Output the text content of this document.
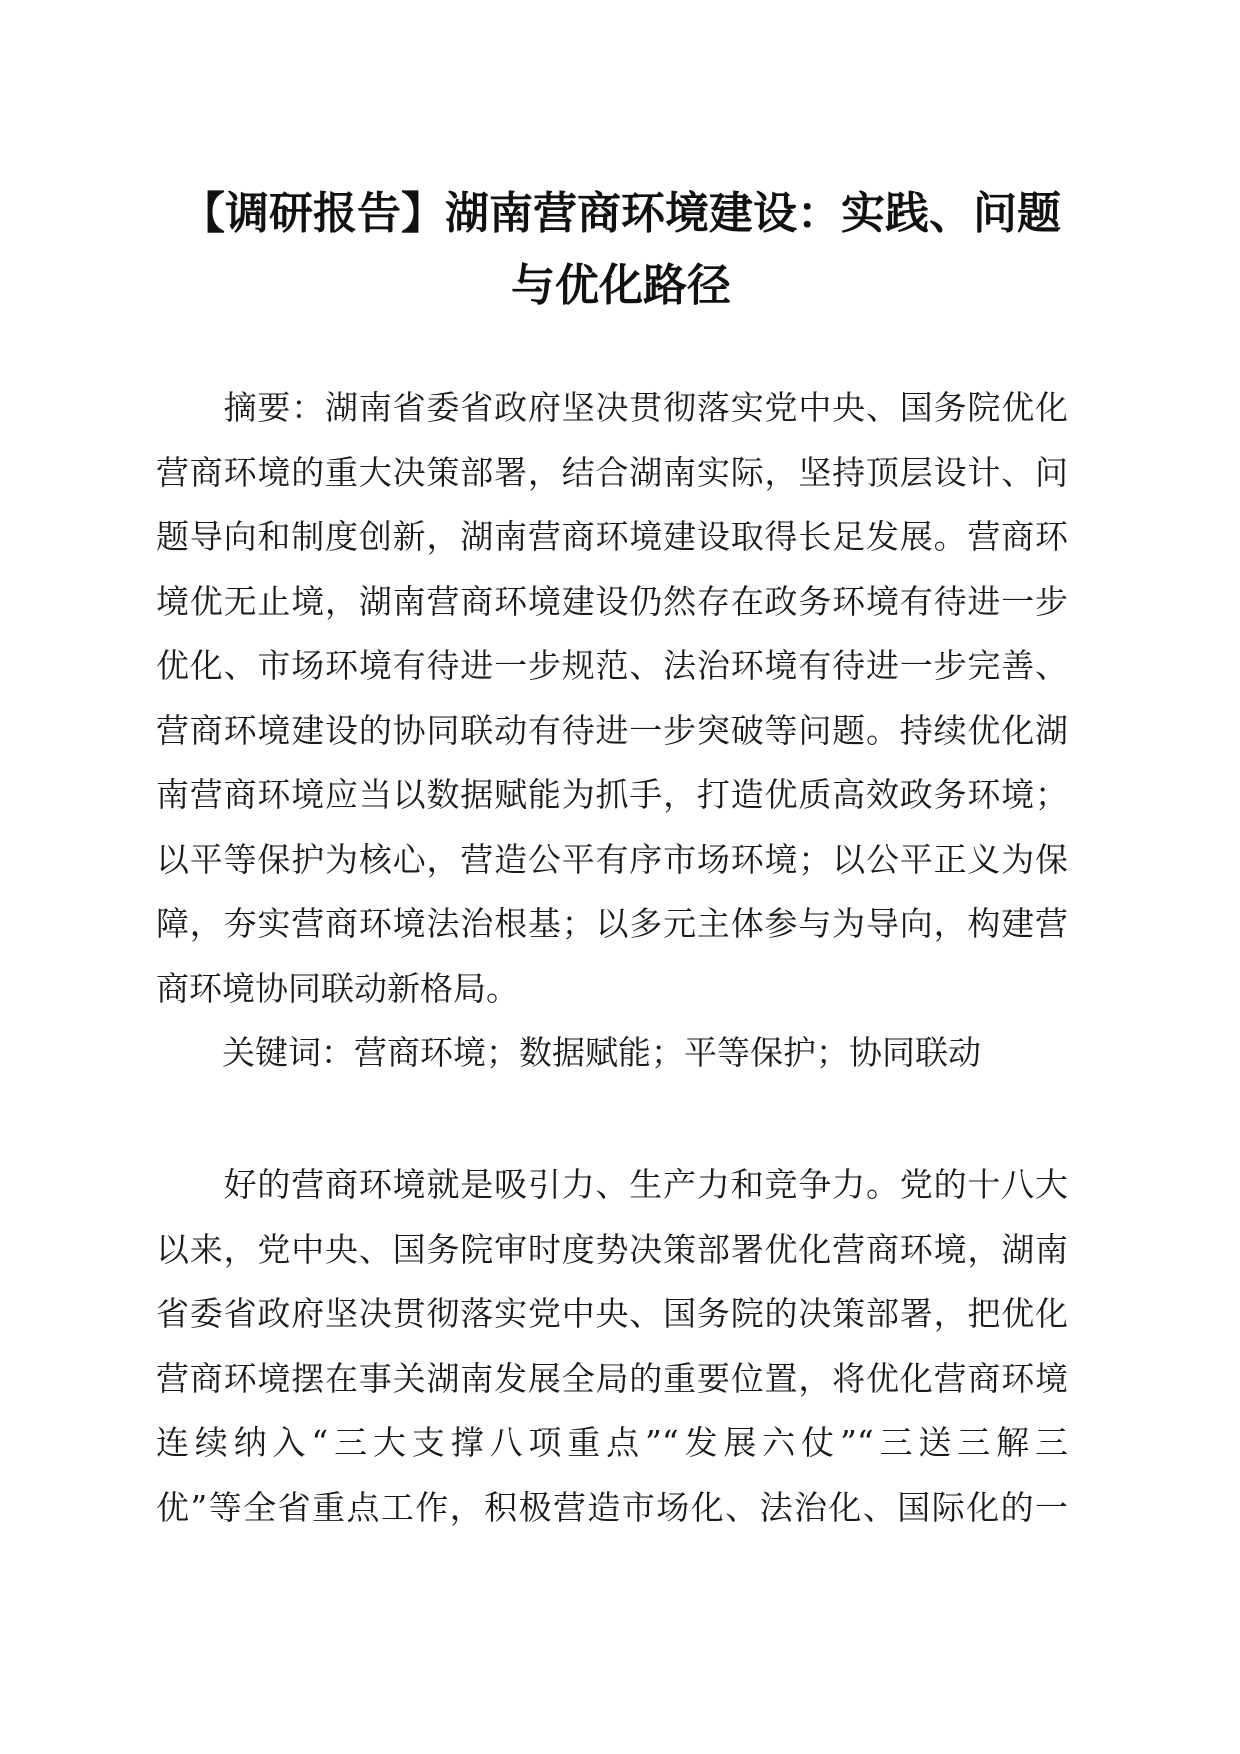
【调研报告】湖南营商环境建设：实践、问题
与优化路径
　　摘要：湖南省委省政府坚决贯彻落实党中央、国务院优化
营商环境的重大决策部署，结合湖南实际，坚持顶层设计、问
题导向和制度创新，湖南营商环境建设取得长足发展。营商环
境优无止境，湖南营商环境建设仍然存在政务环境有待进一步
优化、市场环境有待进一步规范、法治环境有待进一步完善、
营商环境建设的协同联动有待进一步突破等问题。持续优化湖
南营商环境应当以数据赋能为抓手，打造优质高效政务环境；
以平等保护为核心，营造公平有序市场环境；以公平正义为保
障，夯实营商环境法治根基；以多元主体参与为导向，构建营
商环境协同联动新格局。
　　关键词：营商环境；数据赋能；平等保护；协同联动
　　好的营商环境就是吸引力、生产力和竞争力。党的十八大
以来，党中央、国务院审时度势决策部署优化营商环境，湖南
省委省政府坚决贯彻落实党中央、国务院的决策部署，把优化
营商环境摆在事关湖南发展全局的重要位置，将优化营商环境
连续纳入“三大支撑八项重点”“发展六仗”“三送三解三
优”等全省重点工作，积极营造市场化、法治化、国际化的一
